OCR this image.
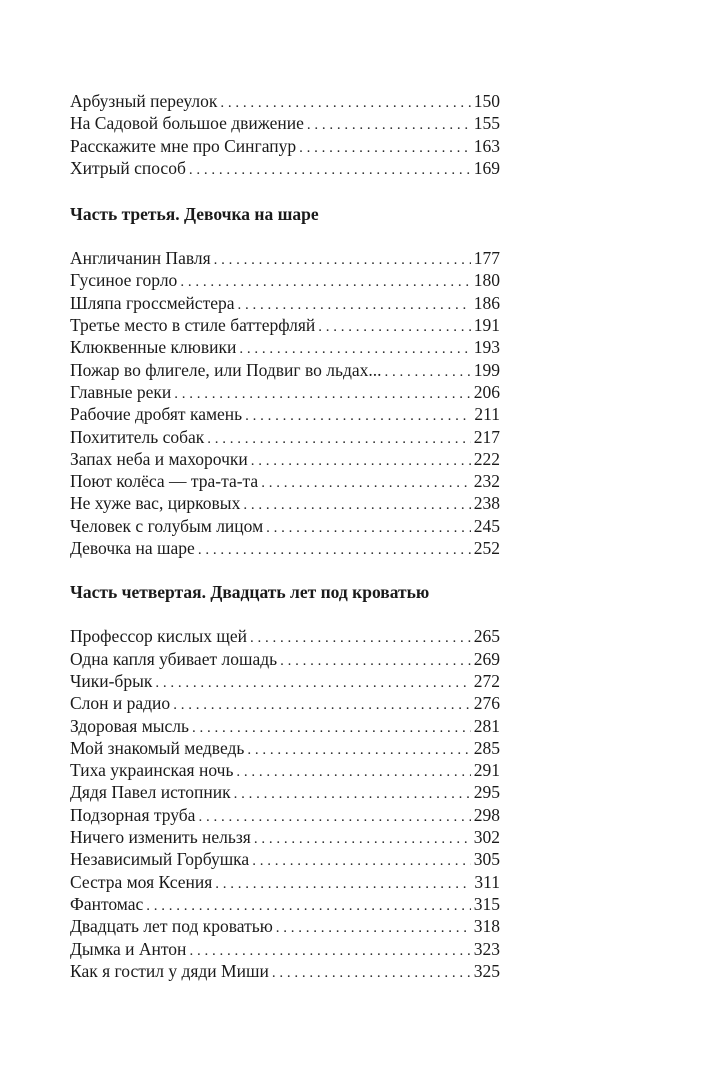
Арбузный переулок . . .	150
На Садовой большое движение . . .	155
Расскажите мне про Сингапур . . .	163
Хитрый способ . . .	169
Часть третья. Девочка на шаре
Англичанин Павля . . .	177
Гусиное горло . . .	180
Шляпа гроссмейстера . . .	186
Третье место в стиле баттерфляй . . .	191
Клюквенные клювики . . .	193
Пожар во флигеле, или Подвиг во льдах... . . .	199
Главные реки . . .	206
Рабочие дробят камень . . .	211
Похититель собак . . .	217
Запах неба и махорочки . . .	222
Поют колёса — тра-та-та . . .	232
Не хуже вас, цирковых . . .	238
Человек с голубым лицом . . .	245
Девочка на шаре . . .	252
Часть четвертая. Двадцать лет под кроватью
Профессор кислых щей . . .	265
Одна капля убивает лошадь . . .	269
Чики-брык . . .	272
Слон и радио . . .	276
Здоровая мысль . . .	281
Мой знакомый медведь . . .	285
Тиха украинская ночь . . .	291
Дядя Павел истопник . . .	295
Подзорная труба . . .	298
Ничего изменить нельзя . . .	302
Независимый Горбушка . . .	305
Сестра моя Ксения . . .	311
Фантомас . . .	315
Двадцать лет под кроватью . . .	318
Дымка и Антон . . .	323
Как я гостил у дяди Миши . . .	325
